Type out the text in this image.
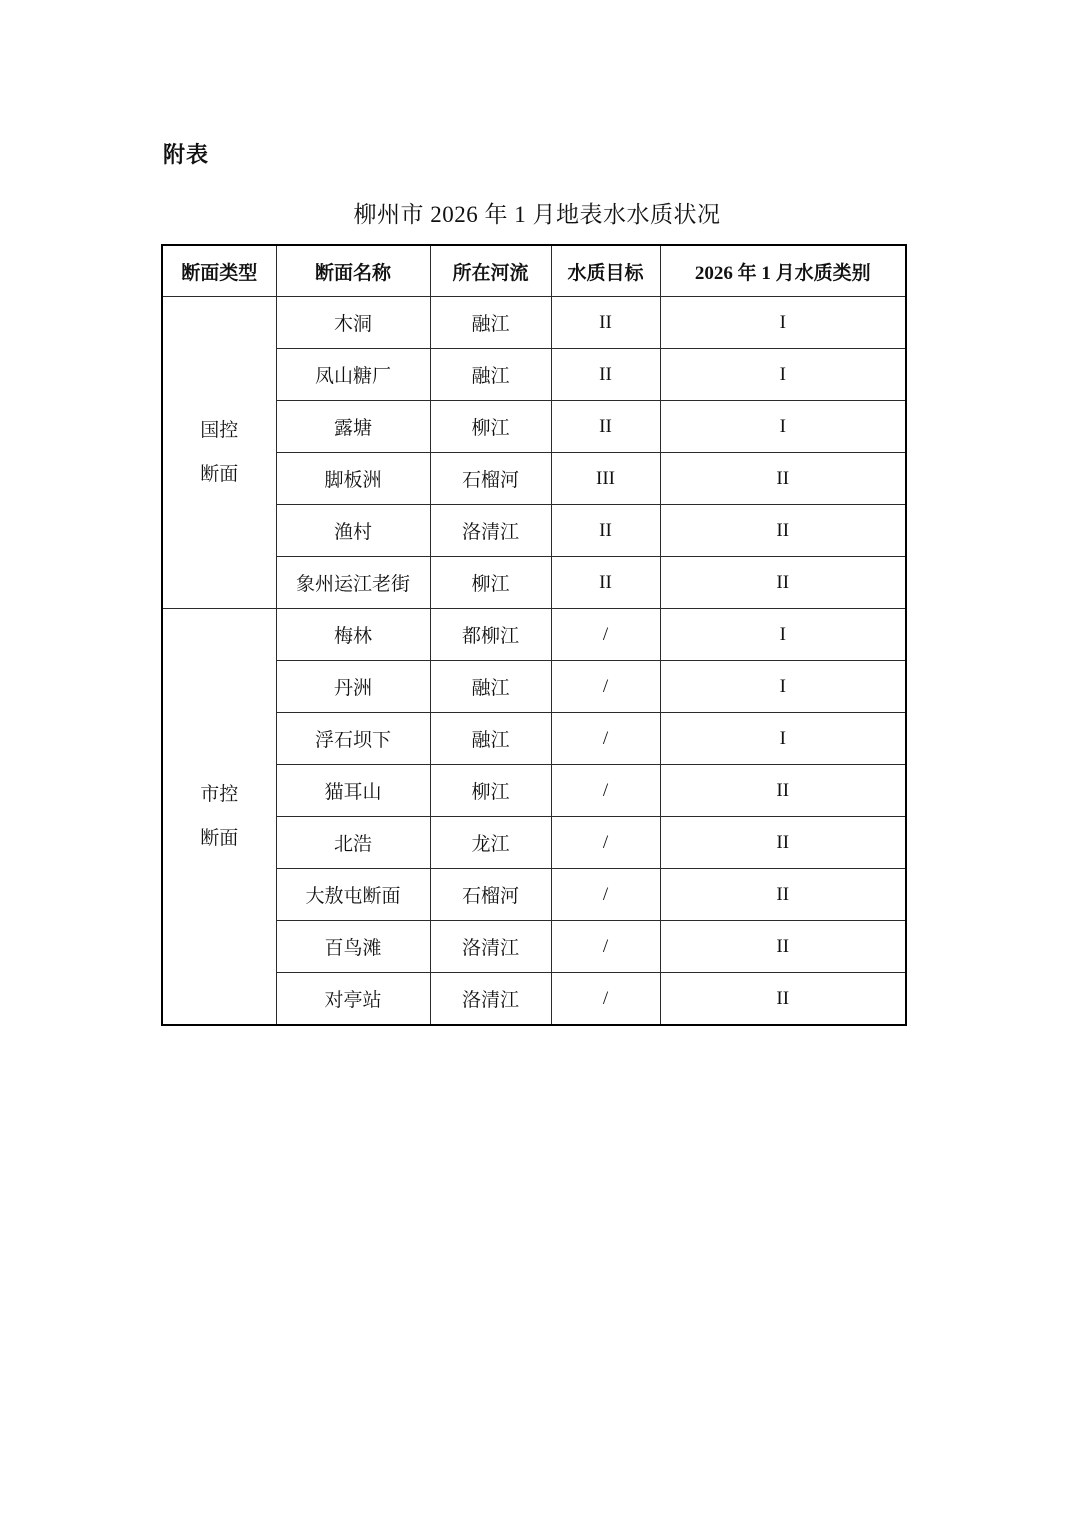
附表
柳州市 2026 年 1 月地表水水质状况
断面类型	断面名称	所在河流	水质目标	2026 年 1 月水质类别

国控
断面	木洞	融江	II	I
	凤山糖厂	融江	II	I
	露塘	柳江	II	I
	脚板洲	石榴河	III	II
	渔村	洛清江	II	II
	象州运江老街	柳江	II	II

市控
断面	梅林	都柳江	/	I
	丹洲	融江	/	I
	浮石坝下	融江	/	I
	猫耳山	柳江	/	II
	北浩	龙江	/	II
	大敖屯断面	石榴河	/	II
	百鸟滩	洛清江	/	II
	对亭站	洛清江	/	II
